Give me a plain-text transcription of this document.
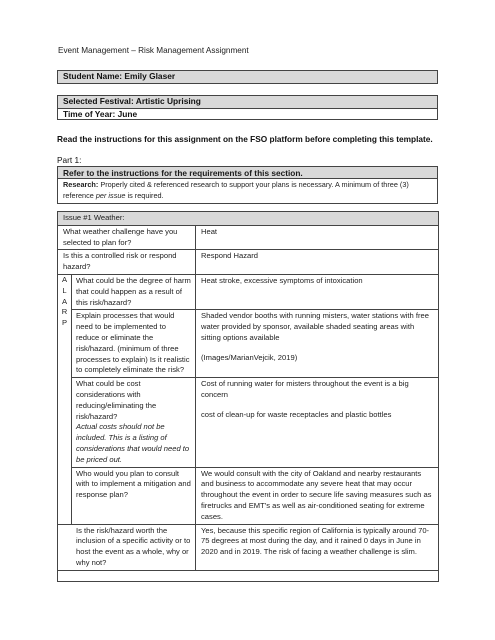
Event Management – Risk Management Assignment
Student Name: Emily Glaser
Selected Festival: Artistic Uprising
Time of Year: June
Read the instructions for this assignment on the FSO platform before completing this template.
Part 1:
Refer to the instructions for the requirements of this section.
Research: Properly cited & referenced research to support your plans is necessary. A minimum of three (3) reference per issue is required.
Issue #1 Weather:		
What weather challenge have you selected to plan for?		Heat
Is this a controlled risk or respond hazard?		Respond Hazard

A
L
A
R
P	What could be the degree of harm that could happen as a result of this risk/hazard?	Heat stroke, excessive symptoms of intoxication
	Explain processes that would need to be implemented to reduce or eliminate the risk/hazard. (minimum of three processes to explain) Is it realistic to completely eliminate the risk?	Shaded vendor booths with running misters, water stations with free water provided by sponsor, available shaded seating areas with sitting options available
(Images/MarianVejcik, 2019)
	What could be cost considerations with reducing/eliminating the risk/hazard?
Actual costs should not be included. This is a listing of considerations that would need to be priced out.	Cost of running water for misters throughout the event is a big concern
cost of clean-up for waste receptacles and plastic bottles
	Who would you plan to consult with to implement a mitigation and response plan?	We would consult with the city of Oakland and nearby restaurants and business to accommodate any severe heat that may occur throughout the event in order to secure life saving measures such as firetrucks and EMT’s as well as air-conditioned seating for extreme cases.
Is the risk/hazard worth the inclusion of a specific activity or to host the event as a whole, why or why not?		Yes, because this specific region of California is typically around 70-75 degrees at most during the day, and it rained 0 days in June in 2020 and in 2019. The risk of facing a weather challenge is slim.
